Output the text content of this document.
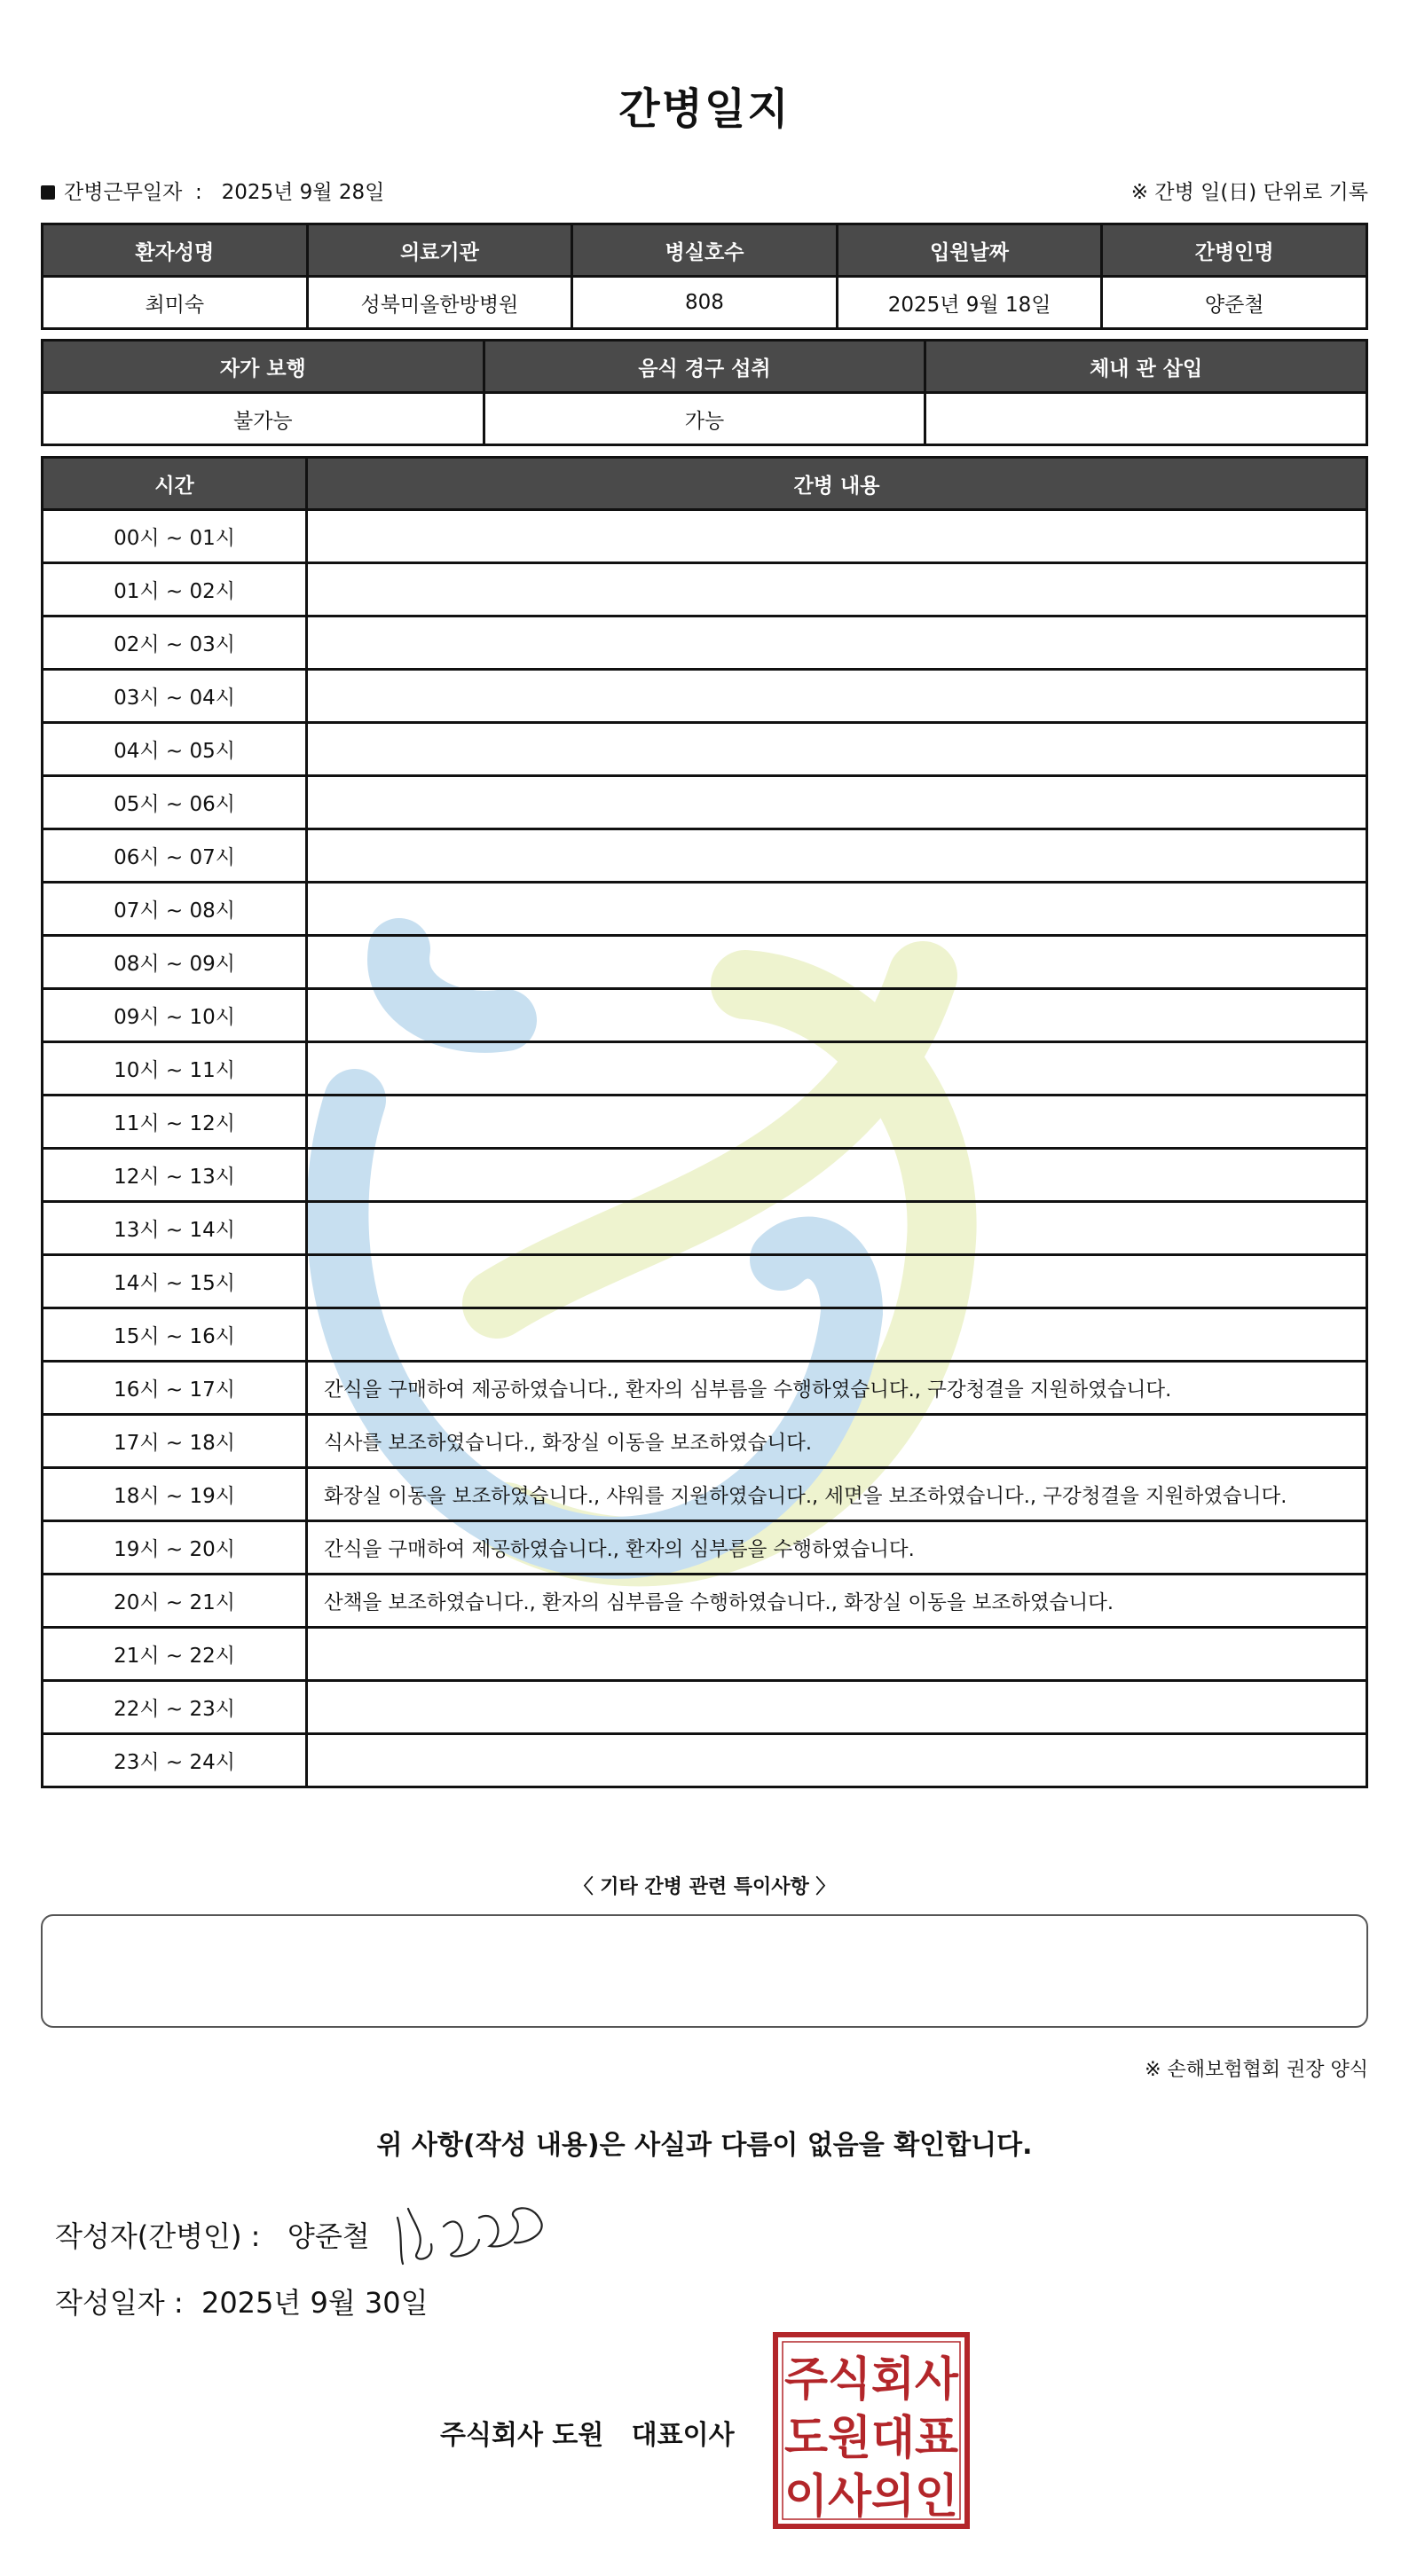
간병일지
간병근무일자 : 2025년 9월 28일	※ 간병 일(日) 단위로 기록
환자성명	의료기관	병실호수	입원날짜	간병인명
최미숙	성북미올한방병원	808	2025년 9월 18일	양준철
자가 보행	음식 경구 섭취	체내 관 삽입
불가능	가능	
시간	간병 내용
00시 ~ 01시	
01시 ~ 02시	
02시 ~ 03시	
03시 ~ 04시	
04시 ~ 05시	
05시 ~ 06시	
06시 ~ 07시	
07시 ~ 08시	
08시 ~ 09시	
09시 ~ 10시	
10시 ~ 11시	
11시 ~ 12시	
12시 ~ 13시	
13시 ~ 14시	
14시 ~ 15시	
15시 ~ 16시	
16시 ~ 17시	간식을 구매하여 제공하였습니다., 환자의 심부름을 수행하였습니다., 구강청결을 지원하였습니다.
17시 ~ 18시	식사를 보조하였습니다., 화장실 이동을 보조하였습니다.
18시 ~ 19시	화장실 이동을 보조하였습니다., 샤워를 지원하였습니다., 세면을 보조하였습니다., 구강청결을 지원하였습니다.
19시 ~ 20시	간식을 구매하여 제공하였습니다., 환자의 심부름을 수행하였습니다.
20시 ~ 21시	산책을 보조하였습니다., 환자의 심부름을 수행하였습니다., 화장실 이동을 보조하였습니다.
21시 ~ 22시	
22시 ~ 23시	
23시 ~ 24시	
〈 기타 간병 관련 특이사항 〉
※ 손해보험협회 권장 양식
위 사항(작성 내용)은 사실과 다름이 없음을 확인합니다.
작성자(간병인) : 양준철
작성일자 : 2025년 9월 30일
주식회사 도원 대표이사
주식회사
도원대표
이사의인
